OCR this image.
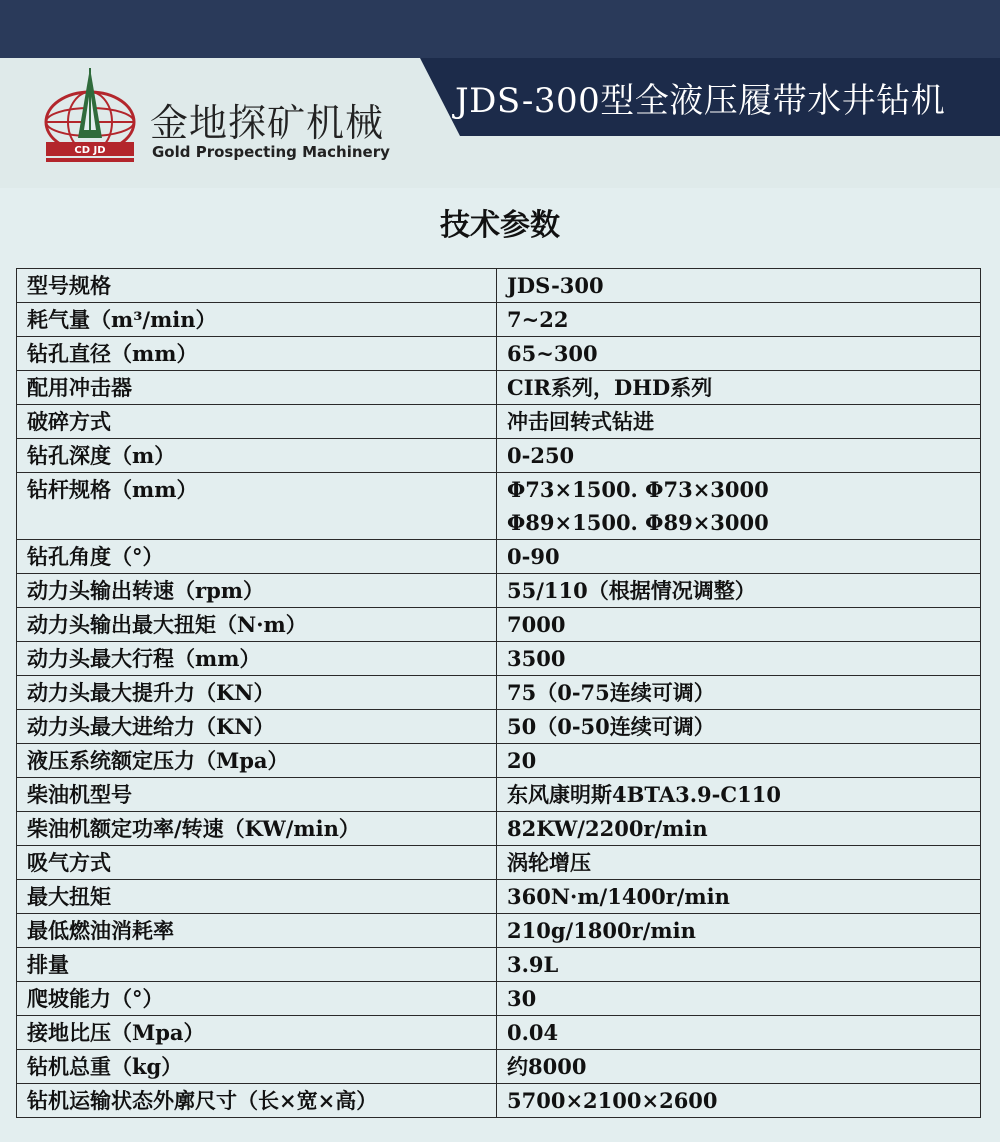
JDS-300型全液压履带水井钻机
CD JD
金地探矿机械
Gold Prospecting Machinery
技术参数
型号规格	JDS-300

耗气量（m³/min）	7~22

钻孔直径（mm）	65~300

配用冲击器	CIR系列，DHD系列

破碎方式	冲击回转式钻进

钻孔深度（m）	0-250

钻杆规格（mm）	Φ73×1500. Φ73×3000
Φ89×1500. Φ89×3000

钻孔角度（°）	0-90

动力头输出转速（rpm）	55/110（根据情况调整）

动力头输出最大扭矩（N·m）	7000

动力头最大行程（mm）	3500

动力头最大提升力（KN）	75（0-75连续可调）

动力头最大进给力（KN）	50（0-50连续可调）

液压系统额定压力（Mpa）	20

柴油机型号	东风康明斯4BTA3.9-C110

柴油机额定功率/转速（KW/min）	82KW/2200r/min

吸气方式	涡轮增压

最大扭矩	360N·m/1400r/min

最低燃油消耗率	210g/1800r/min

排量	3.9L

爬坡能力（°）	30

接地比压（Mpa）	0.04

钻机总重（kg）	约8000

钻机运输状态外廓尺寸（长×宽×高）	5700×2100×2600
